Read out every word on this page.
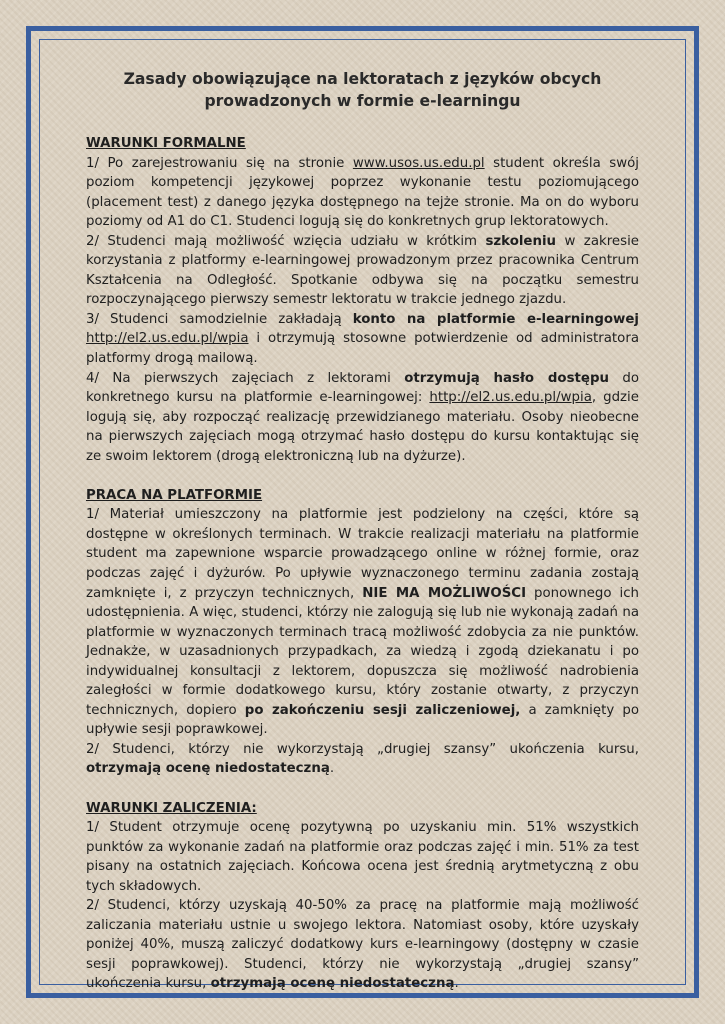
Zasady obowiązujące na lektoratach z języków obcych prowadzonych w formie e-learningu
WARUNKI FORMALNE

1/ Po zarejestrowaniu się na stronie www.usos.us.edu.pl student określa swój poziom kompetencji językowej poprzez wykonanie testu poziomującego (placement test) z danego języka dostępnego na tejże stronie. Ma on do wyboru poziomy od A1 do C1. Studenci logują się do konkretnych grup lektoratowych.

2/ Studenci mają możliwość wzięcia udziału w krótkim szkoleniu w zakresie korzystania z platformy e-learningowej prowadzonym przez pracownika Centrum Kształcenia na Odległość. Spotkanie odbywa się na początku semestru rozpoczynającego pierwszy semestr lektoratu w trakcie jednego zjazdu.

3/ Studenci samodzielnie zakładają konto na platformie e-learningowej http://el2.us.edu.pl/wpia i otrzymują stosowne potwierdzenie od administratora platformy drogą mailową.

4/ Na pierwszych zajęciach z lektorami otrzymują hasło dostępu do konkretnego kursu na platformie e-learningowej: http://el2.us.edu.pl/wpia, gdzie logują się, aby rozpocząć realizację przewidzianego materiału. Osoby nieobecne na pierwszych zajęciach mogą otrzymać hasło dostępu do kursu kontaktując się ze swoim lektorem (drogą elektroniczną lub na dyżurze).

PRACA NA PLATFORMIE

1/ Materiał umieszczony na platformie jest podzielony na części, które są dostępne w określonych terminach. W trakcie realizacji materiału na platformie student ma zapewnione wsparcie prowadzącego online w różnej formie, oraz podczas zajęć i dyżurów. Po upływie wyznaczonego terminu zadania zostają zamknięte i, z przyczyn technicznych, NIE MA MOŻLIWOŚCI ponownego ich udostępnienia. A więc, studenci, którzy nie zalogują się lub nie wykonają zadań na platformie w wyznaczonych terminach tracą możliwość zdobycia za nie punktów. Jednakże, w uzasadnionych przypadkach, za wiedzą i zgodą dziekanatu i po indywidualnej konsultacji z lektorem, dopuszcza się możliwość nadrobienia zaległości w formie dodatkowego kursu, który zostanie otwarty, z przyczyn technicznych, dopiero po zakończeniu sesji zaliczeniowej, a zamknięty po upływie sesji poprawkowej.

2/ Studenci, którzy nie wykorzystają „drugiej szansy” ukończenia kursu, otrzymają ocenę niedostateczną.

WARUNKI ZALICZENIA:

1/ Student otrzymuje ocenę pozytywną po uzyskaniu min. 51% wszystkich punktów za wykonanie zadań na platformie oraz podczas zajęć i min. 51% za test pisany na ostatnich zajęciach. Końcowa ocena jest średnią arytmetyczną z obu tych składowych.

2/ Studenci, którzy uzyskają 40-50% za pracę na platformie mają możliwość zaliczania materiału ustnie u swojego lektora. Natomiast osoby, które uzyskały poniżej 40%, muszą zaliczyć dodatkowy kurs e-learningowy (dostępny w czasie sesji poprawkowej). Studenci, którzy nie wykorzystają „drugiej szansy” ukończenia kursu, otrzymają ocenę niedostateczną.
